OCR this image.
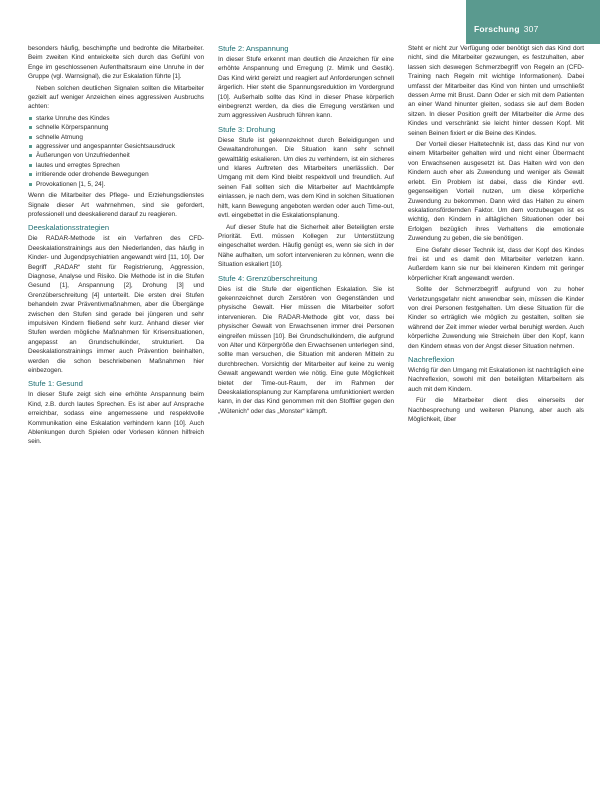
Forschung 307

besonders häufig, beschimpfte und bedrohte die Mitarbeiter. Beim zweiten Kind entwickelte sich durch das Gefühl von Enge im geschlossenen Aufenthaltsraum eine Unruhe in der Gruppe (vgl. Warnsignal), die zur Eskalation führte [1].

Neben solchen deutlichen Signalen sollten die Mitarbeiter gezielt auf weniger Anzeichen eines aggressiven Ausbruchs achten:

starke Unruhe des Kindes
schnelle Körperspannung
schnelle Atmung
aggressiver und angespannter Gesichtsausdruck
Äußerungen von Unzufriedenheit
lautes und erregtes Sprechen
irritierende oder drohende Bewegungen
Provokationen [1, 5, 24].

Wenn die Mitarbeiter des Pflege- und Erziehungsdienstes Signale dieser Art wahrnehmen, sind sie gefordert, professionell und deeskalierend darauf zu reagieren.

Deeskalationsstrategien

Die RADAR-Methode ist ein Verfahren des CFD-Deeskalationstrainings aus den Niederlanden, das häufig in Kinder- und Jugendpsychiatrien angewandt wird [11, 10]. Der Begriff „RADAR“ steht für Registrierung, Aggression, Diagnose, Analyse und Risiko. Die Methode ist in die Stufen Gesund [1], Anspannung [2], Drohung [3] und Grenzüberschreitung [4] unterteilt. Die ersten drei Stufen behandeln zwar Präventivmaßnahmen, aber die Übergänge zwischen den Stufen sind gerade bei jüngeren und sehr impulsiven Kindern fließend sehr kurz. Anhand dieser vier Stufen werden mögliche Maßnahmen für Krisensituationen, angepasst an Grundschulkinder, strukturiert. Da Deeskalationstrainings immer auch Prävention beinhalten, werden die schon beschriebenen Maßnahmen hier einbezogen.

Stufe 1: Gesund

In dieser Stufe zeigt sich eine erhöhte Anspannung beim Kind, z.B. durch lautes Sprechen. Es ist aber auf Ansprache erreichbar, sodass eine angemessene und respektvolle Kommunikation eine Eskalation verhindern kann [10]. Auch Ablenkungen durch Spielen oder Vorlesen können hilfreich sein.

Stufe 2: Anspannung

In dieser Stufe erkennt man deutlich die Anzeichen für eine erhöhte Anspannung und Erregung (z. Mimik und Gestik). Das Kind wirkt gereizt und reagiert auf Anforderungen schnell ärgerlich. Hier steht die Spannungsreduktion im Vordergrund [10]. Außerhalb sollte das Kind in dieser Phase körperlich einbegrenzt werden, da dies die Erregung verstärken und zum aggressiven Ausbruch führen kann.

Stufe 3: Drohung

Diese Stufe ist gekennzeichnet durch Beleidigungen und Gewaltandrohungen. Die Situation kann sehr schnell gewalttätig eskalieren. Um dies zu verhindern, ist ein sicheres und klares Auftreten des Mitarbeiters unerlässlich. Der Umgang mit dem Kind bleibt respektvoll und freundlich. Auf seinen Fall sollten sich die Mitarbeiter auf Machtkämpfe einlassen, je nach dem, was dem Kind in solchen Situationen hilft, kann Bewegung angeboten werden oder auch Time-out, evtl. eingebettet in die Eskalationsplanung.

Auf dieser Stufe hat die Sicherheit aller Beteiligten erste Priorität. Evtl. müssen Kollegen zur Unterstützung eingeschaltet werden. Häufig genügt es, wenn sie sich in der Nähe aufhalten, um sofort intervenieren zu können, wenn die Situation eskaliert [10].

Stufe 4: Grenzüberschreitung

Dies ist die Stufe der eigentlichen Eskalation. Sie ist gekennzeichnet durch Zerstören von Gegenständen und physische Gewalt. Hier müssen die Mitarbeiter sofort intervenieren. Die RADAR-Methode gibt vor, dass bei physischer Gewalt von Erwachsenen immer drei Personen eingreifen müssen [10]. Bei Grundschulkindern, die aufgrund von Alter und Körpergröße den Erwachsenen unterlegen sind, sollte man versuchen, die Situation mit anderen Mitteln zu durchbrechen. Vorsichtig der Mitarbeiter auf keine zu wenig Gewalt angewandt werden wie nötig. Eine gute Möglichkeit bietet der Time-out-Raum, der im Rahmen der Deeskalationsplanung zur Kampfarena umfunktioniert werden kann, in der das Kind genommen mit den Stofftier gegen den „Wütenich“ oder das „Monster“ kämpft.

Steht er nicht zur Verfügung oder benötigt sich das Kind dort nicht, sind die Mitarbeiter gezwungen, es festzuhalten, aber lassen sich deswegen Schmerzbegriff von Regeln an (CFD-Training nach Regeln mit wichtige Informationen). Dabei umfasst der Mitarbeiter das Kind von hinten und umschließt dessen Arme mit Brust. Dann Oder er sich mit dem Patienten an einer Wand hinunter gleiten, sodass sie auf dem Boden sitzen. In dieser Position greift der Mitarbeiter die Arme des Kindes und verschränkt sie leicht hinter dessen Kopf. Mit seinen Beinen fixiert er die Beine des Kindes.

Der Vorteil dieser Haltetechnik ist, dass das Kind nur von einem Mitarbeiter gehalten wird und nicht einer Übermacht von Erwachsenen ausgesetzt ist. Das Halten wird von den Kindern auch eher als Zuwendung und weniger als Gewalt erlebt. Ein Problem ist dabei, dass die Kinder evtl. gegenseitigen Vorteil nutzen, um diese körperliche Zuwendung zu bekommen. Dann wird das Halten zu einem eskalationsfördernden Faktor. Um dem vorzubeugen ist es wichtig, den Kindern in alltäglichen Situationen oder bei Erfolgen bezüglich ihres Verhaltens die emotionale Zuwendung zu geben, die sie benötigen.

Eine Gefahr dieser Technik ist, dass der Kopf des Kindes frei ist und es damit den Mitarbeiter verletzen kann. Außerdem kann sie nur bei kleineren Kindern mit geringer körperlicher Kraft angewandt werden.

Sollte der Schmerzbegriff aufgrund von zu hoher Verletzungsgefahr nicht anwendbar sein, müssen die Kinder von drei Personen festgehalten. Um diese Situation für die Kinder so erträglich wie möglich zu gestalten, sollten sie während der Zeit immer wieder verbal beruhigt werden. Auch körperliche Zuwendung wie Streicheln über den Kopf, kann den Kindern etwas von der Angst dieser Situation nehmen.

Nachreflexion

Wichtig für den Umgang mit Eskalationen ist nachträglich eine Nachreflexion, sowohl mit den beteiligten Mitarbeitern als auch mit dem Kindern.

Für die Mitarbeiter dient dies einerseits der Nachbesprechung und weiteren Planung, aber auch als Möglichkeit, über
